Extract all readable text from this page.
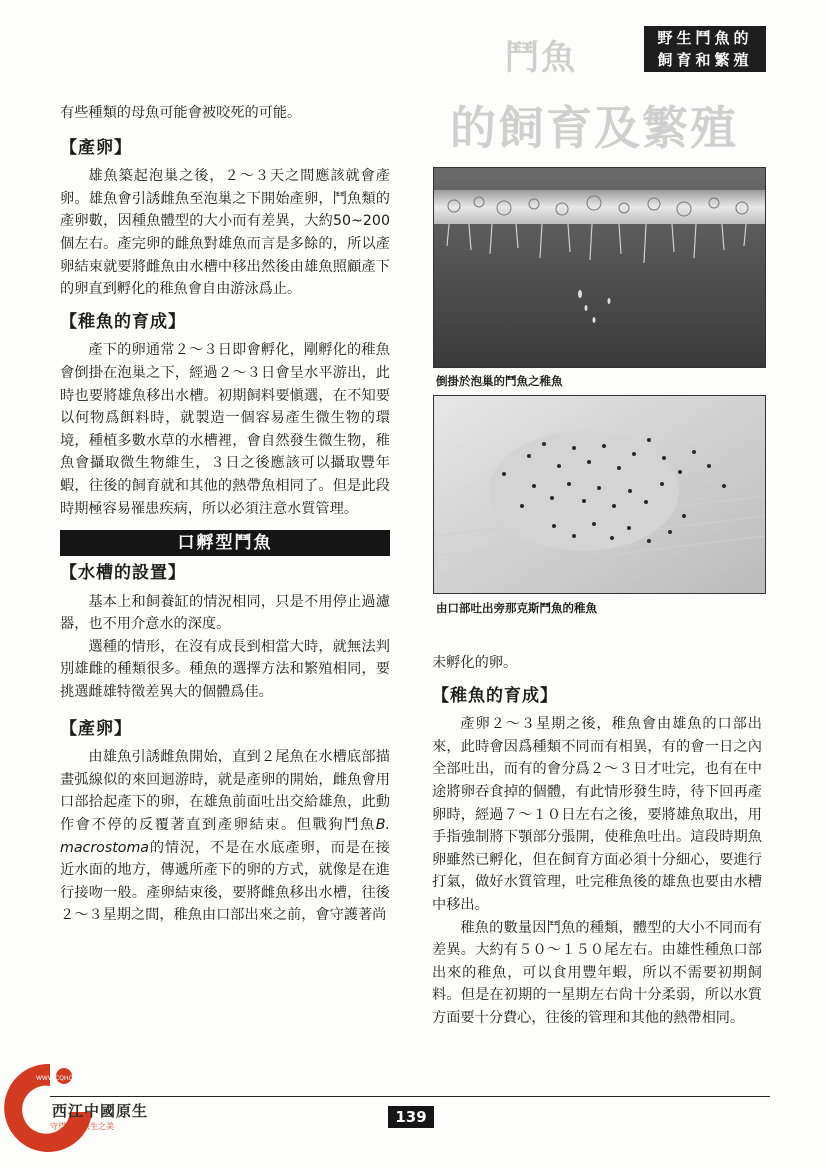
野生鬥魚的
飼育和繁殖
鬥魚
的飼育及繁殖

有些種類的母魚可能會被咬死的可能。

【產卵】

雄魚築起泡巢之後，２～３天之間應該就會產卵。雄魚會引誘雌魚至泡巢之下開始產卵，鬥魚類的產卵數，因種魚體型的大小而有差異，大約50~200個左右。產完卵的雌魚對雄魚而言是多餘的，所以產卵結束就要將雌魚由水槽中移出然後由雄魚照顧產下的卵直到孵化的稚魚會自由游泳爲止。

【稚魚的育成】

產下的卵通常２～３日即會孵化，剛孵化的稚魚會倒掛在泡巢之下，經過２～３日會呈水平游出，此時也要將雄魚移出水槽。初期飼料要愼選，在不知要以何物爲餌料時，就製造一個容易產生微生物的環境，種植多數水草的水槽裡，會自然發生微生物，稚魚會攝取微生物維生，３日之後應該可以攝取豐年蝦，往後的飼育就和其他的熱帶魚相同了。但是此段時期極容易罹患疾病，所以必須注意水質管理。

口孵型鬥魚
【水槽的設置】

基本上和飼養缸的情況相同，只是不用停止過濾器，也不用介意水的深度。

選種的情形，在沒有成長到相當大時，就無法判別雄雌的種類很多。種魚的選擇方法和繁殖相同，要挑選雌雄特徵差異大的個體爲佳。

【產卵】

由雄魚引誘雌魚開始，直到２尾魚在水槽底部描畫弧線似的來回迴游時，就是產卵的開始，雌魚會用口部拾起產下的卵，在雄魚前面吐出交給雄魚，此動作會不停的反覆著直到產卵結束。但戰狗鬥魚B. macrostoma的情況，不是在水底產卵，而是在接近水面的地方，傳遞所產下的卵的方式，就像是在進行接吻一般。產卵結束後，要將雌魚移出水槽，往後２～３星期之間，稚魚由口部出來之前，會守護著尚

倒掛於泡巢的鬥魚之稚魚
由口部吐出旁那克斯鬥魚的稚魚

未孵化的卵。

【稚魚的育成】

產卵２～３星期之後，稚魚會由雄魚的口部出來，此時會因爲種類不同而有相異，有的會一日之內全部吐出，而有的會分爲２～３日才吐完，也有在中途將卵吞食掉的個體，有此情形發生時，待下回再產卵時，經過７～１０日左右之後，要將雄魚取出，用手指強制將下顎部分張開，使稚魚吐出。這段時期魚卵雖然已孵化，但在飼育方面必須十分細心，要進行打氣，做好水質管理，吐完稚魚後的雄魚也要由水槽中移出。

稚魚的數量因鬥魚的種類，體型的大小不同而有差異。大約有５０～１５０尾左右。由雄性種魚口部出來的稚魚，可以食用豐年蝦，所以不需要初期飼料。但是在初期的一星期左右尙十分柔弱，所以水質方面要十分費心，往後的管理和其他的熱帶相同。

139
WWW.CQHOS.COM
西江中國原生
守望中國原生之美
